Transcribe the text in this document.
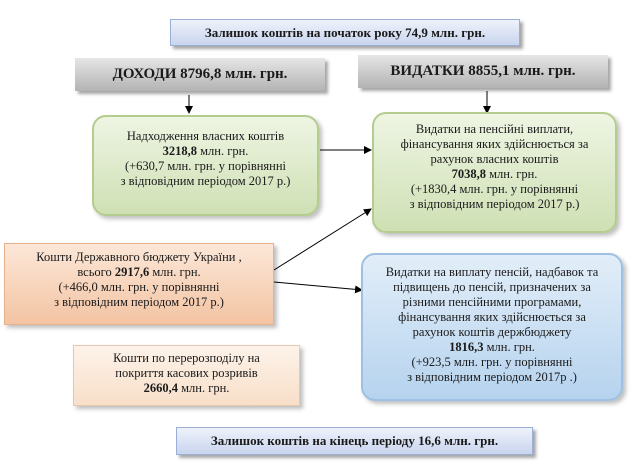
Залишок коштів на початок року 74,9 млн. грн.
ДОХОДИ 8796,8 млн. грн.	ВИДАТКИ 8855,1 млн. грн.
Надходження власних коштів
3218,8 млн. грн.
(+630,7 млн. грн. у порівнянні
з відповідним періодом 2017 р.)
Кошти Державного бюджету України ,
всього 2917,6 млн. грн.
(+466,0 млн. грн. у порівнянні
з відповідним періодом 2017 р.)
Кошти по перерозподілу на
покриття касових розривів
2660,4 млн. грн.
Видатки на пенсійні виплати,
фінансування яких здійснюється за
рахунок власних коштів
7038,8 млн. грн.
(+1830,4 млн. грн. у порівнянні
з відповідним періодом 2017 р.)
Видатки на виплату пенсій, надбавок та
підвищень до пенсій, призначених за
різними пенсійними програмами,
фінансування яких здійснюється за
рахунок коштів держбюджету
1816,3 млн. грн.
(+923,5 млн. грн. у порівнянні
з відповідним періодом 2017р .)
Залишок коштів на кінець періоду 16,6 млн. грн.
